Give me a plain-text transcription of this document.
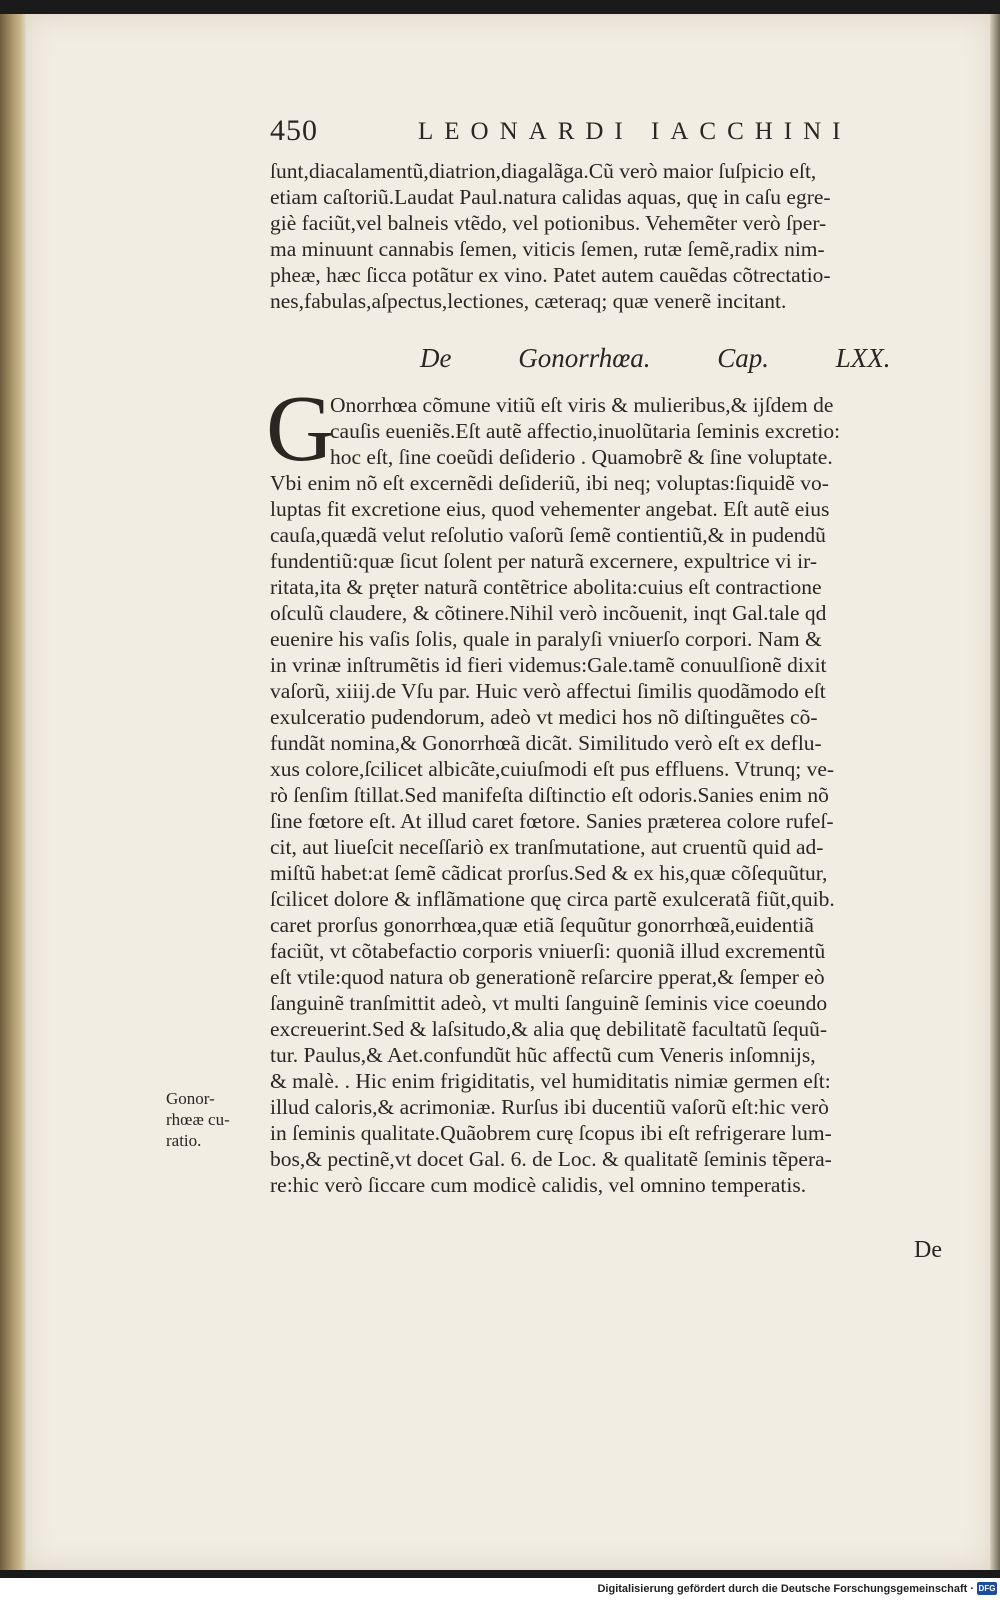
450	LEONARDI IACCHINI
ſunt,diacalamentũ,diatrion,diagalãga.Cũ verò maior ſuſpicio eſt,
etiam caſtoriũ.Laudat Paul.natura calidas aquas, quę in caſu egre-
giè faciũt,vel balneis vtẽdo, vel potionibus. Vehemẽter verò ſper-
ma minuunt cannabis ſemen, viticis ſemen, rutæ ſemẽ,radix nim-
pheæ, hæc ſicca potãtur ex vino. Patet autem cauẽdas cõtrectatio-
nes,fabulas,aſpectus,lectiones, cæteraq; quæ venerẽ incitant.
De Gonorrhœa. Cap. LXX.
G
Onorrhœa cõmune vitiũ eſt viris & mulieribus,& ijſdem de
cauſis eueniẽs.Eſt autẽ affectio,inuolũtaria ſeminis excretio:
hoc eſt, ſine coeũdi deſiderio . Quamobrẽ & ſine voluptate.
Vbi enim nõ eſt excernẽdi deſideriũ, ibi neq; voluptas:ſiquidẽ vo-
luptas fit excretione eius, quod vehementer angebat. Eſt autẽ eius
cauſa,quædã velut reſolutio vaſorũ ſemẽ contientiũ,& in pudendũ
fundentiũ:quæ ſicut ſolent per naturã excernere, expultrice vi ir-
ritata,ita & pręter naturã contẽtrice abolita:cuius eſt contractione
oſculũ claudere, & cõtinere.Nihil verò incõuenit, inqt Gal.tale qd
euenire his vaſis ſolis, quale in paralyſi vniuerſo corpori. Nam &
in vrinæ inſtrumẽtis id fieri videmus:Gale.tamẽ conuulſionẽ dixit
vaſorũ, xiiij.de Vſu par. Huic verò affectui ſimilis quodãmodo eſt
exulceratio pudendorum, adeò vt medici hos nõ diſtinguẽtes cõ-
fundãt nomina,& Gonorrhœã dicãt. Similitudo verò eſt ex deflu-
xus colore,ſcilicet albicãte,cuiuſmodi eſt pus effluens. Vtrunq; ve-
rò ſenſim ſtillat.Sed manifeſta diſtinctio eſt odoris.Sanies enim nõ
ſine fœtore eſt. At illud caret fœtore. Sanies præterea colore rufeſ-
cit, aut liueſcit neceſſariò ex tranſmutatione, aut cruentũ quid ad-
miſtũ habet:at ſemẽ cãdicat prorſus.Sed & ex his,quæ cõſequũtur,
ſcilicet dolore & inflãmatione quę circa partẽ exulceratã fiũt,quib.
caret prorſus gonorrhœa,quæ etiã ſequũtur gonorrhœã,euidentiã
faciũt, vt cõtabefactio corporis vniuerſi: quoniã illud excrementũ
eſt vtile:quod natura ob generationẽ reſarcire pperat,& ſemper eò
ſanguinẽ tranſmittit adeò, vt multi ſanguinẽ ſeminis vice coeundo
excreuerint.Sed & laſsitudo,& alia quę debilitatẽ facultatũ ſequũ-
tur. Paulus,& Aet.confundũt hũc affectũ cum Veneris inſomnijs,
& malè. . Hic enim frigiditatis, vel humiditatis nimiæ germen eſt:
illud caloris,& acrimoniæ. Rurſus ibi ducentiũ vaſorũ eſt:hic verò
in ſeminis qualitate.Quãobrem curę ſcopus ibi eſt refrigerare lum-
bos,& pectinẽ,vt docet Gal. 6. de Loc. & qualitatẽ ſeminis tẽpera-
re:hic verò ſiccare cum modicè calidis, vel omnino temperatis.
Gonor-
rhœæ cu-
ratio.
De
Digitalisierung gefördert durch die Deutsche Forschungsgemeinschaft · DFG
